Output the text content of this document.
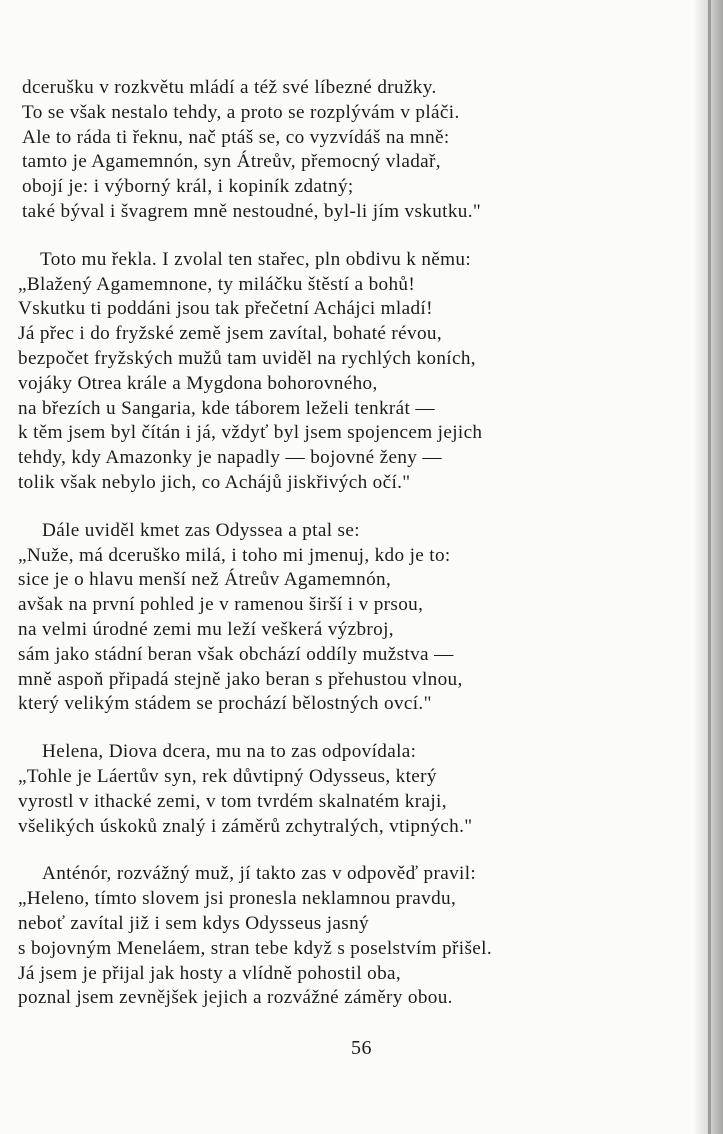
dcerušku v rozkvětu mládí a též své líbezné družky.
To se však nestalo tehdy, a proto se rozplývám v pláči.
Ale to ráda ti řeknu, nač ptáš se, co vyzvídáš na mně:
tamto je Agamemnón, syn Átreův, přemocný vladař,
obojí je: i výborný král, i kopiník zdatný;
také býval i švagrem mně nestoudné, byl-li jím vskutku."
Toto mu řekla. I zvolal ten stařec, pln obdivu k němu:
„Blažený Agamemnone, ty miláčku štěstí a bohů!
Vskutku ti poddáni jsou tak přečetní Achájci mladí!
Já přec i do fryžské země jsem zavítal, bohaté révou,
bezpočet fryžských mužů tam uviděl na rychlých koních,
vojáky Otrea krále a Mygdona bohorovného,
na březích u Sangaria, kde táborem leželi tenkrát —
k těm jsem byl čítán i já, vždyť byl jsem spojencem jejich
tehdy, kdy Amazonky je napadly — bojovné ženy —
tolik však nebylo jich, co Achájů jiskřivých očí."
Dále uviděl kmet zas Odyssea a ptal se:
„Nuže, má dceruško milá, i toho mi jmenuj, kdo je to:
sice je o hlavu menší než Átreův Agamemnón,
avšak na první pohled je v ramenou širší i v prsou,
na velmi úrodné zemi mu leží veškerá výzbroj,
sám jako stádní beran však obchází oddíly mužstva —
mně aspoň připadá stejně jako beran s přehustou vlnou,
který velikým stádem se prochází bělostných ovcí."
Helena, Diova dcera, mu na to zas odpovídala:
„Tohle je Láertův syn, rek důvtipný Odysseus, který
vyrostl v ithacké zemi, v tom tvrdém skalnatém kraji,
všelikých úskoků znalý i záměrů zchytralých, vtipných."
Anténór, rozvážný muž, jí takto zas v odpověď pravil:
„Heleno, tímto slovem jsi pronesla neklamnou pravdu,
neboť zavítal již i sem kdys Odysseus jasný
s bojovným Meneláem, stran tebe když s poselstvím přišel.
Já jsem je přijal jak hosty a vlídně pohostil oba,
poznal jsem zevnějšek jejich a rozvážné záměry obou.
56
